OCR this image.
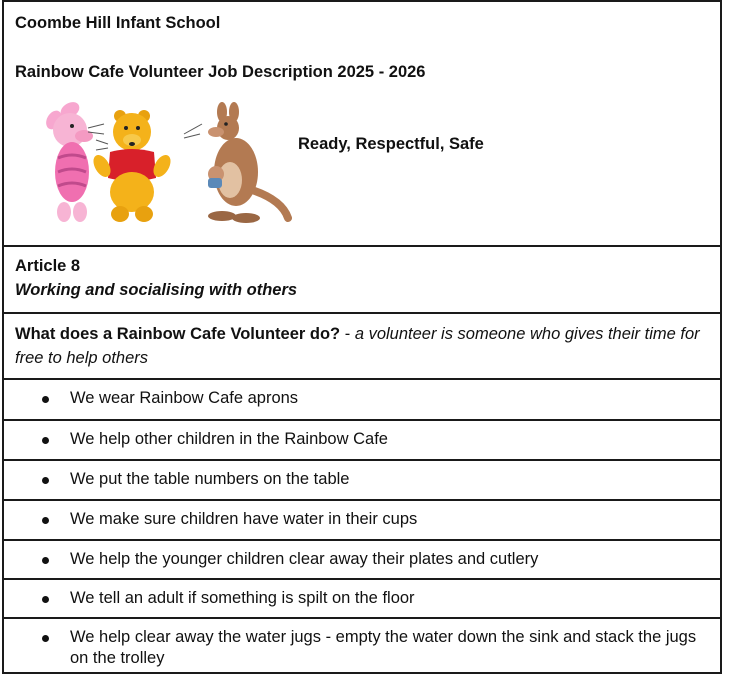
Coombe Hill Infant School
Rainbow Cafe Volunteer Job Description 2025 - 2026
Ready, Respectful, Safe
Article 8
Working and socialising with others
What does a Rainbow Cafe Volunteer do? - a volunteer is someone who gives their time for free to help others
We wear Rainbow Cafe aprons
We help other children in the Rainbow Cafe
We put the table numbers on the table
We make sure children have water in their cups
We help the younger children clear away their plates and cutlery
We tell an adult if something is spilt on the floor
We help clear away the water jugs - empty the water down the sink and stack the jugs on the trolley
